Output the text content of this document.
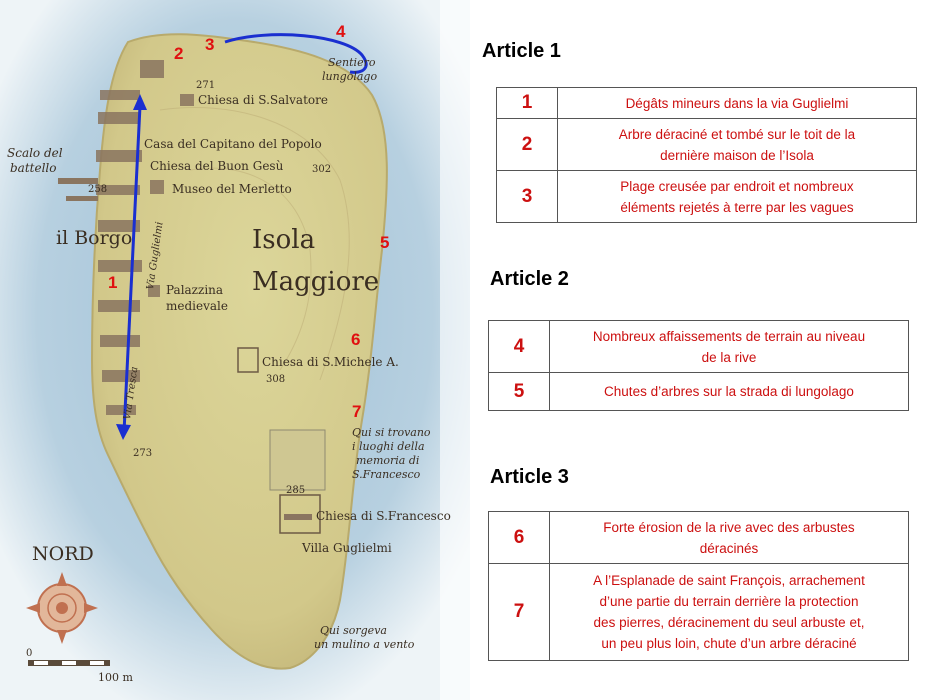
Scalo del
battello
il Borgo	Isola
Maggiore
Chiesa di S.Salvatore
Casa del Capitano del Popolo
Chiesa del Buon Gesù
Museo del Merletto
Palazzina
medievale
Chiesa di S.Michele A.
Chiesa di S.Francesco
Villa Guglielmi
Sentiero
lungolago
Via Guglielmi
Via Tresca
Qui si trovano
i luoghi della
memoria di
S.Francesco
Qui sorgeva
un mulino a vento
271
302
258
308
273
285
1
2 3
4
5
6
7
NORD
0
100 m
Article 1
1	Dégâts mineurs dans la via Guglielmi
2	Arbre déraciné et tombé sur le toit de la
dernière maison de l’Isola
3	Plage creusée par endroit et nombreux
éléments rejetés à terre par les vagues
Article 2
4	Nombreux affaissements de terrain au niveau
de la rive
5	Chutes d’arbres sur la strada di lungolago
Article 3
6	Forte érosion de la rive avec des arbustes
déracinés
7	A l’Esplanade de saint François, arrachement
d’une partie du terrain derrière la protection
des pierres, déracinement du seul arbuste et,
un peu plus loin, chute d’un arbre déraciné
